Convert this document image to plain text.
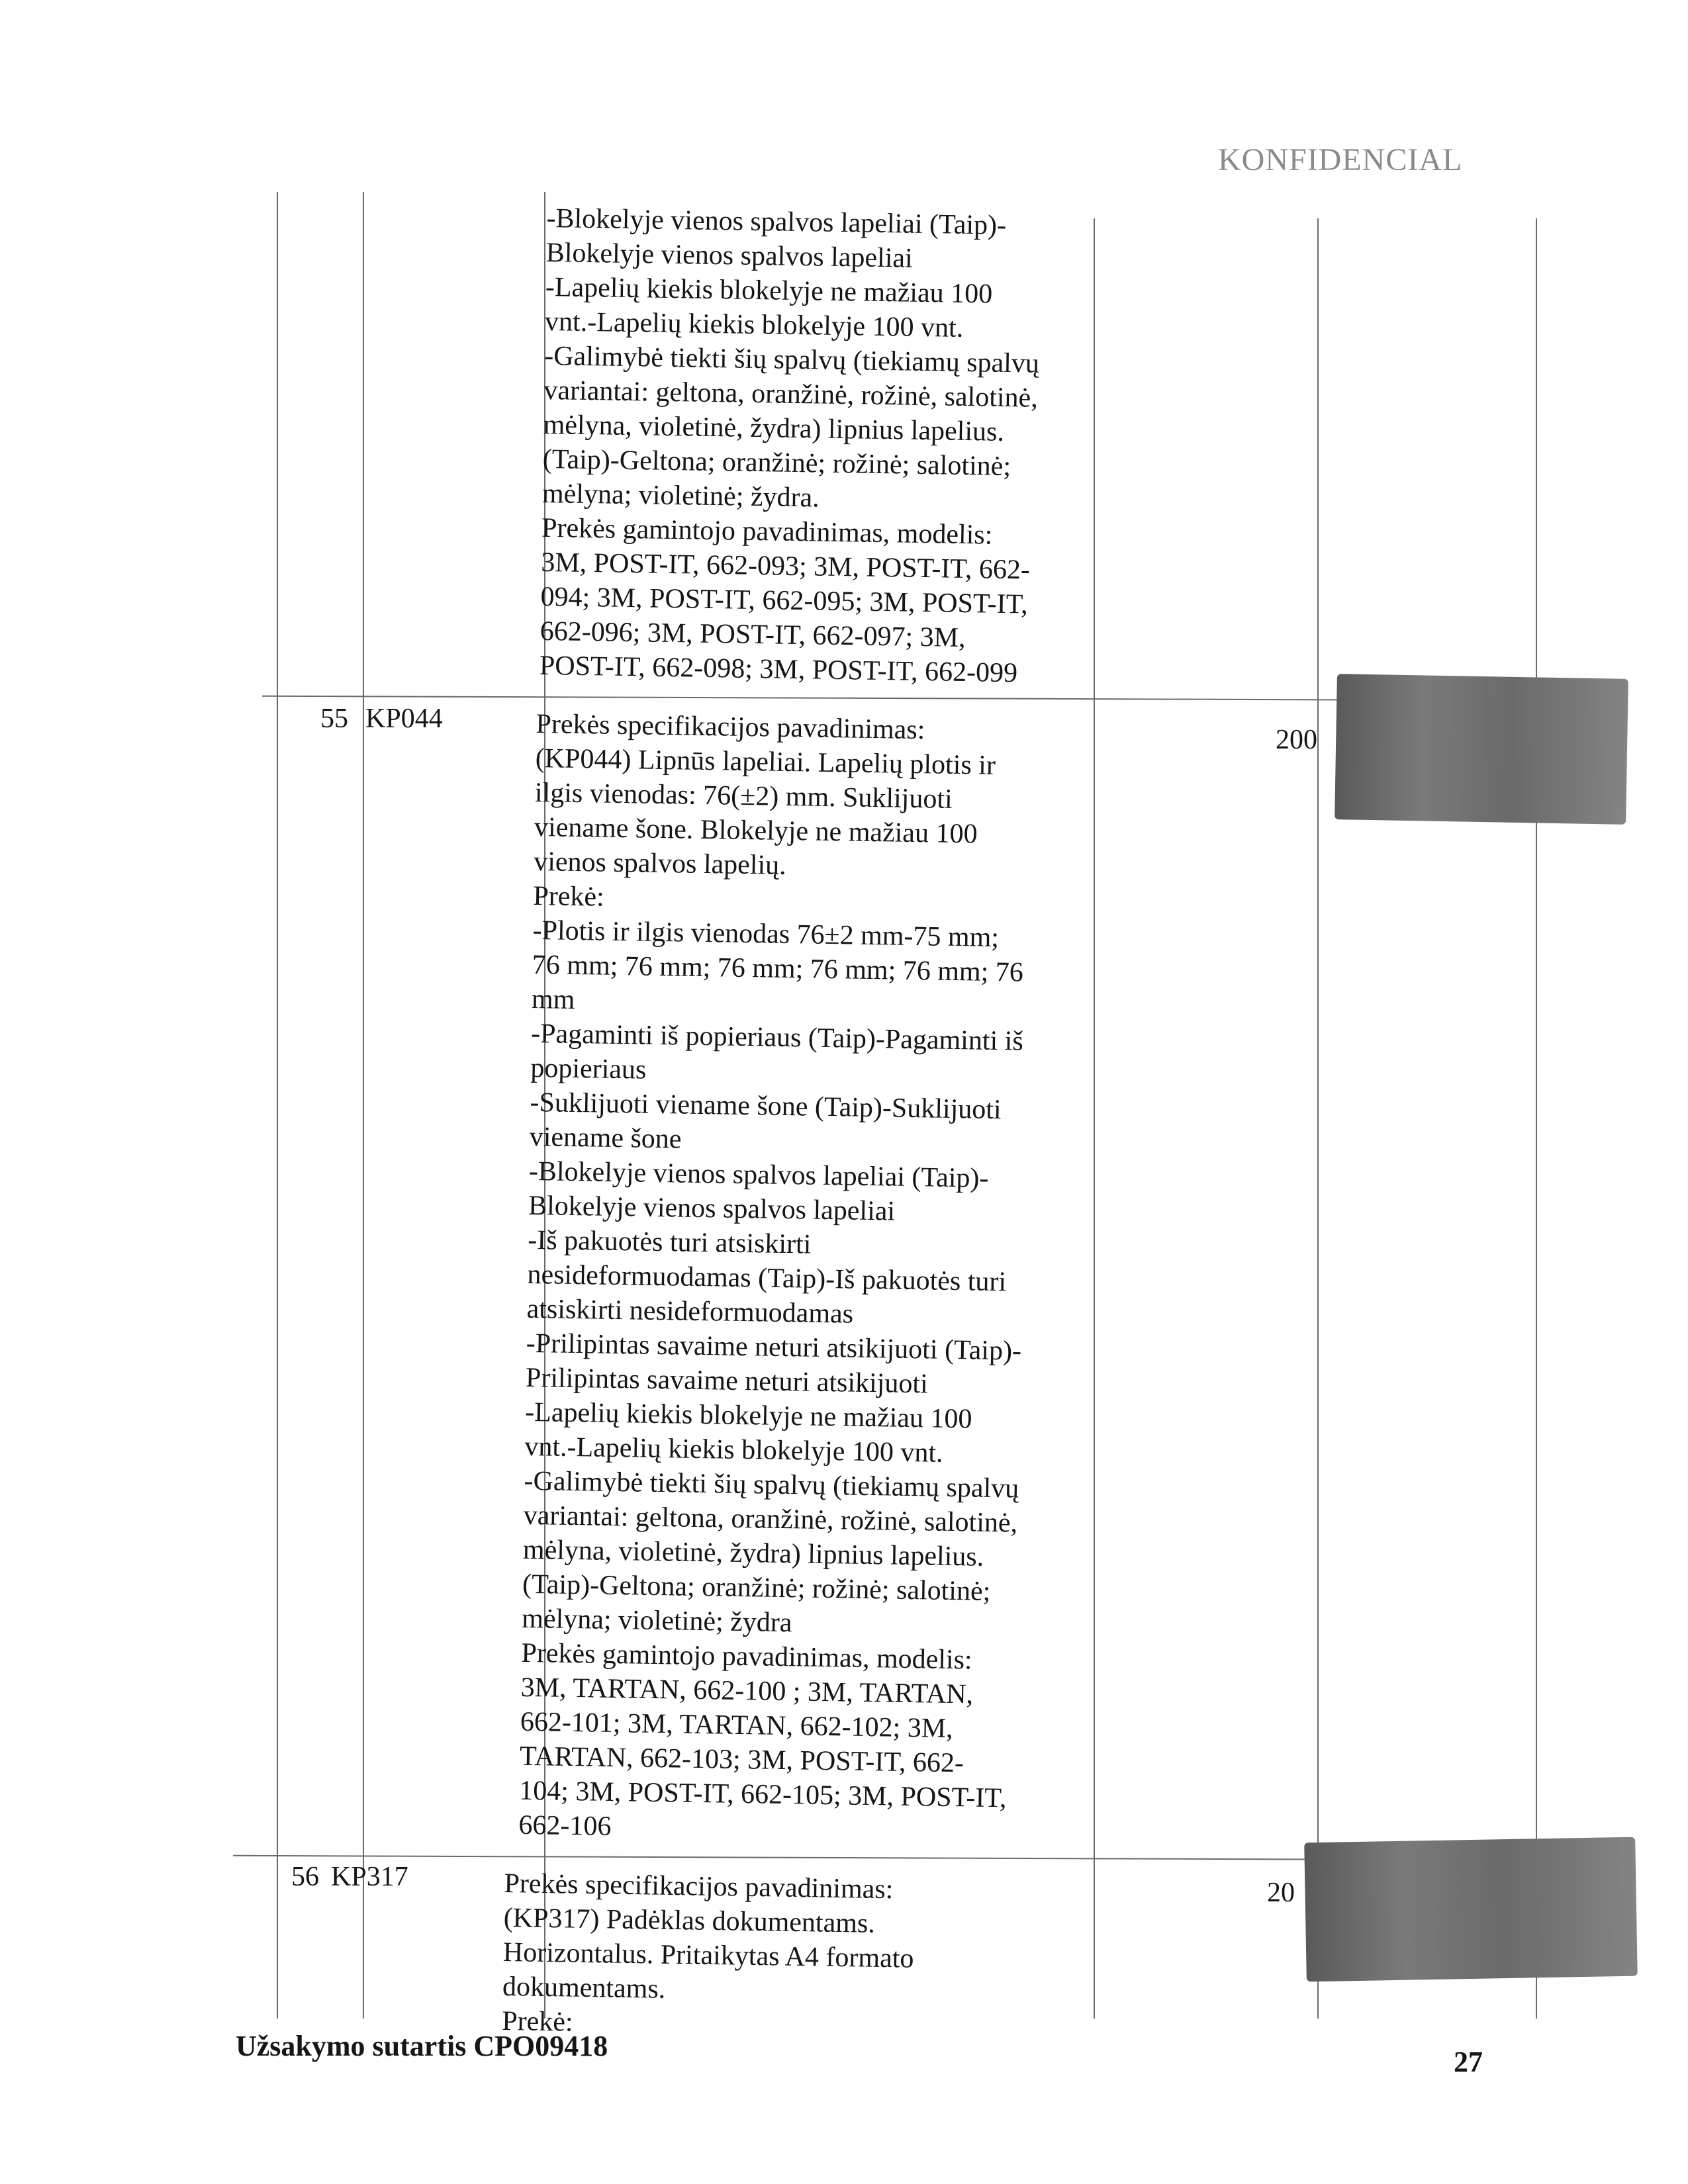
KONFIDENCIAL
-Blokelyje vienos spalvos lapeliai (Taip)-
Blokelyje vienos spalvos lapeliai
-Lapelių kiekis blokelyje ne mažiau 100
vnt.-Lapelių kiekis blokelyje 100 vnt.
-Galimybė tiekti šių spalvų (tiekiamų spalvų
variantai: geltona, oranžinė, rožinė, salotinė,
mėlyna, violetinė, žydra) lipnius lapelius.
(Taip)-Geltona; oranžinė; rožinė; salotinė;
mėlyna; violetinė; žydra.
Prekės gamintojo pavadinimas, modelis:
3M, POST-IT, 662-093; 3M, POST-IT, 662-
094; 3M, POST-IT, 662-095; 3M, POST-IT,
662-096; 3M, POST-IT, 662-097; 3M,
POST-IT, 662-098; 3M, POST-IT, 662-099
55 KP044
200
Prekės specifikacijos pavadinimas:
(KP044) Lipnūs lapeliai. Lapelių plotis ir
ilgis vienodas: 76(±2) mm. Suklijuoti
viename šone. Blokelyje ne mažiau 100
vienos spalvos lapelių.
Prekė:
-Plotis ir ilgis vienodas 76±2 mm-75 mm;
76 mm; 76 mm; 76 mm; 76 mm; 76 mm; 76
mm
-Pagaminti iš popieriaus (Taip)-Pagaminti iš
popieriaus
-Suklijuoti viename šone (Taip)-Suklijuoti
viename šone
-Blokelyje vienos spalvos lapeliai (Taip)-
Blokelyje vienos spalvos lapeliai
-Iš pakuotės turi atsiskirti
nesideformuodamas (Taip)-Iš pakuotės turi
atsiskirti nesideformuodamas
-Prilipintas savaime neturi atsikijuoti (Taip)-
Prilipintas savaime neturi atsikijuoti
-Lapelių kiekis blokelyje ne mažiau 100
vnt.-Lapelių kiekis blokelyje 100 vnt.
-Galimybė tiekti šių spalvų (tiekiamų spalvų
variantai: geltona, oranžinė, rožinė, salotinė,
mėlyna, violetinė, žydra) lipnius lapelius.
(Taip)-Geltona; oranžinė; rožinė; salotinė;
mėlyna; violetinė; žydra
Prekės gamintojo pavadinimas, modelis:
3M, TARTAN, 662-100 ; 3M, TARTAN,
662-101; 3M, TARTAN, 662-102; 3M,
TARTAN, 662-103; 3M, POST-IT, 662-
104; 3M, POST-IT, 662-105; 3M, POST-IT,
662-106
56 KP317
20
Prekės specifikacijos pavadinimas:
(KP317) Padėklas dokumentams.
Horizontalus. Pritaikytas A4 formato
dokumentams.
Prekė:
Užsakymo sutartis CPO09418	27
